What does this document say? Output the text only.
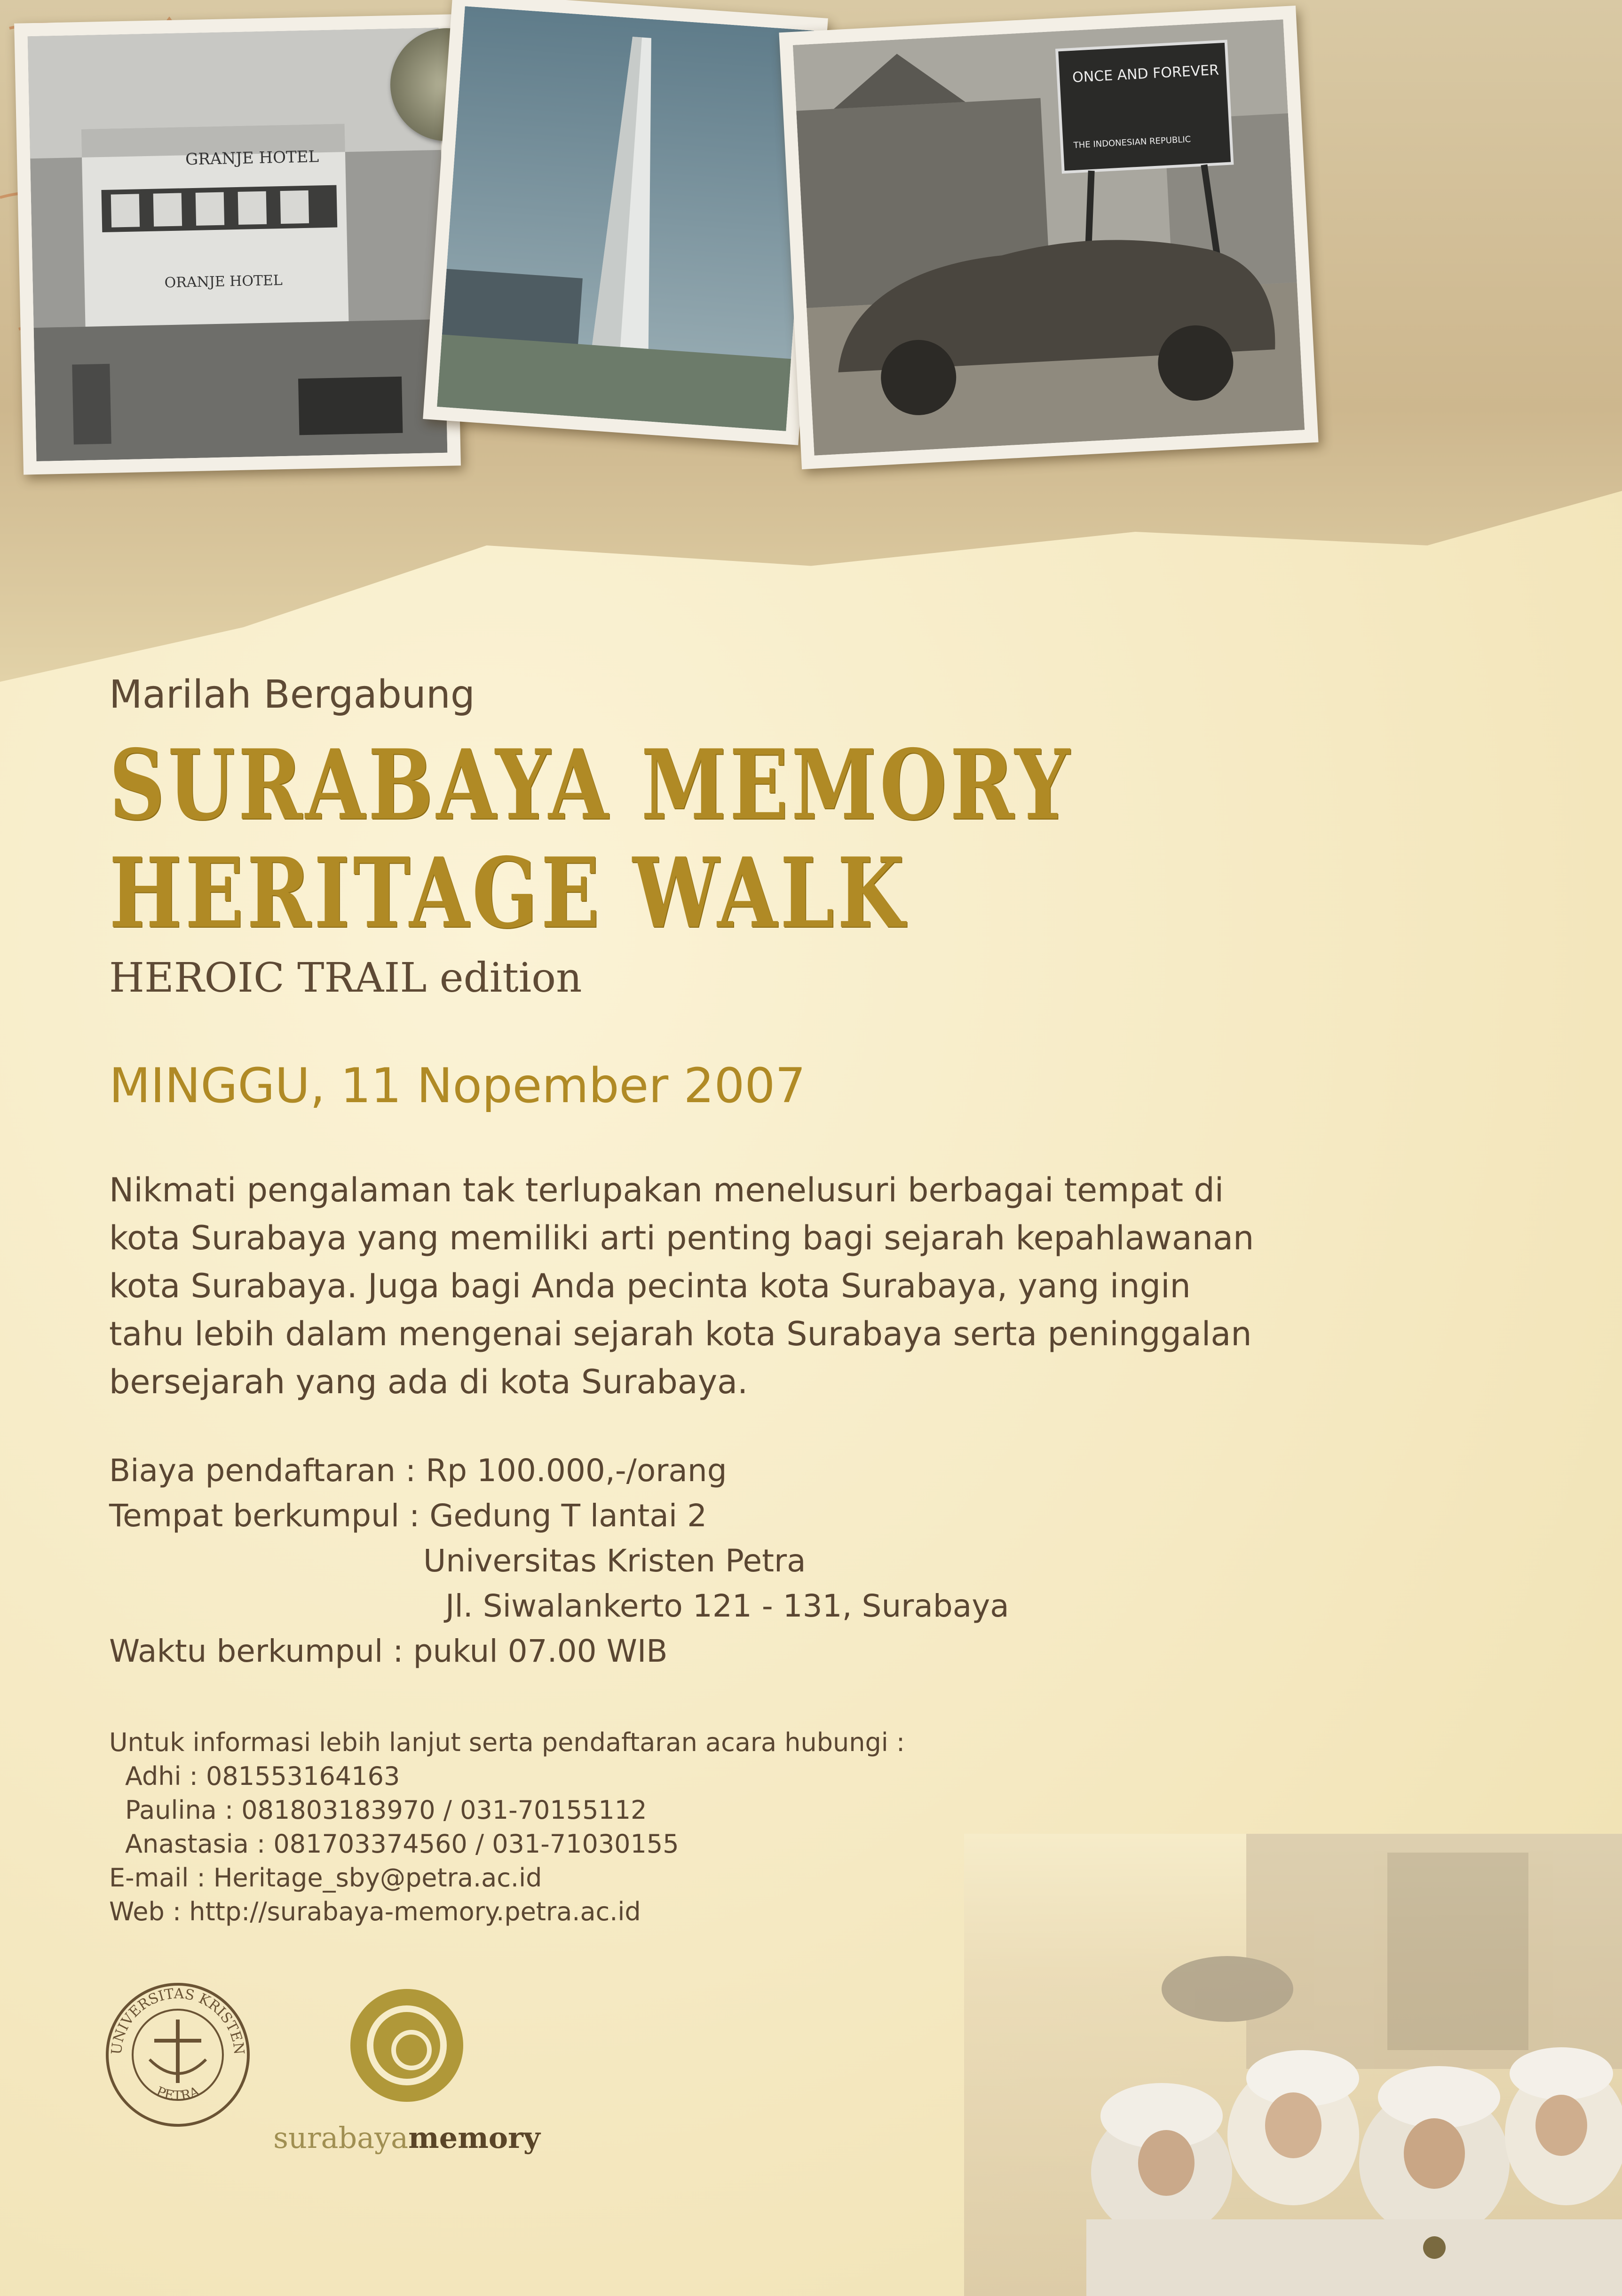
GRANJE HOTEL
ORANJE HOTEL
ONCE AND FOREVER
THE INDONESIAN REPUBLIC
Marilah Bergabung
SURABAYA MEMORY
HERITAGE WALK
HEROIC TRAIL edition
MINGGU, 11 Nopember 2007

Nikmati pengalaman tak terlupakan menelusuri berbagai tempat di

kota Surabaya yang memiliki arti penting bagi sejarah kepahlawanan

kota Surabaya. Juga bagi Anda pecinta kota Surabaya, yang ingin

tahu lebih dalam mengenai sejarah kota Surabaya serta peninggalan

bersejarah yang ada di kota Surabaya.

Biaya pendaftaran : Rp 100.000,-/orang
Tempat berkumpul : Gedung T lantai 2
Universitas Kristen Petra
Jl. Siwalankerto 121 - 131, Surabaya
Waktu berkumpul : pukul 07.00 WIB
Untuk informasi lebih lanjut serta pendaftaran acara hubungi :
Adhi : 081553164163
Paulina : 081803183970 / 031-70155112
Anastasia : 081703374560 / 031-71030155
E-mail : Heritage_sby@petra.ac.id
Web : http://surabaya-memory.petra.ac.id
UNIVERSITAS KRISTEN
PETRA
surabayamemory
